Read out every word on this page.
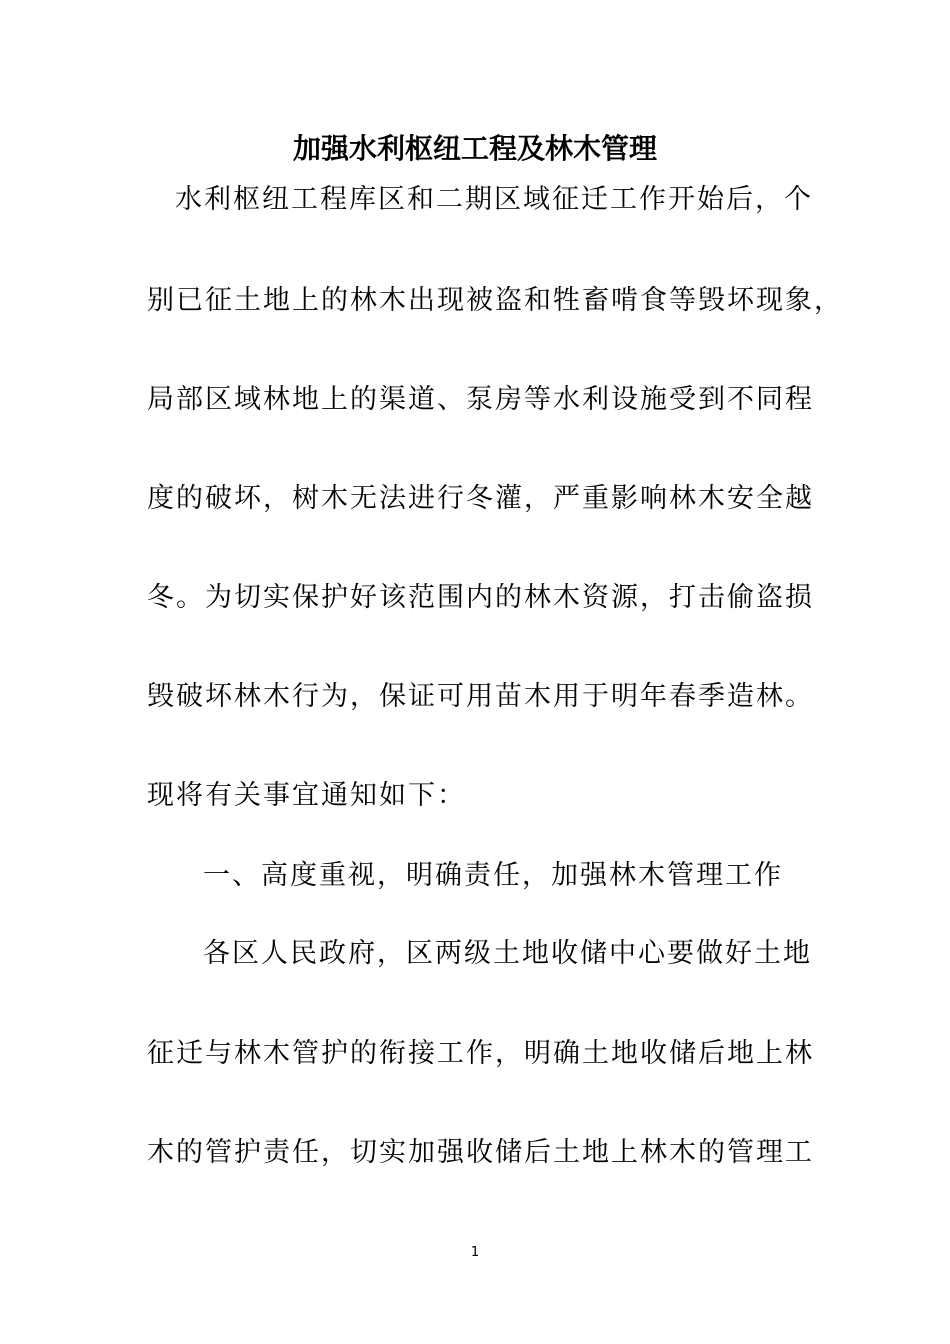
加强水利枢纽工程及林木管理

水利枢纽工程库区和二期区域征迁工作开始后，个

别已征土地上的林木出现被盗和牲畜啃食等毁坏现象，

局部区域林地上的渠道、泵房等水利设施受到不同程

度的破坏，树木无法进行冬灌，严重影响林木安全越

冬。为切实保护好该范围内的林木资源，打击偷盗损

毁破坏林木行为，保证可用苗木用于明年春季造林。

现将有关事宜通知如下：

一、高度重视，明确责任，加强林木管理工作

各区人民政府，区两级土地收储中心要做好土地

征迁与林木管护的衔接工作，明确土地收储后地上林

木的管护责任，切实加强收储后土地上林木的管理工

1
